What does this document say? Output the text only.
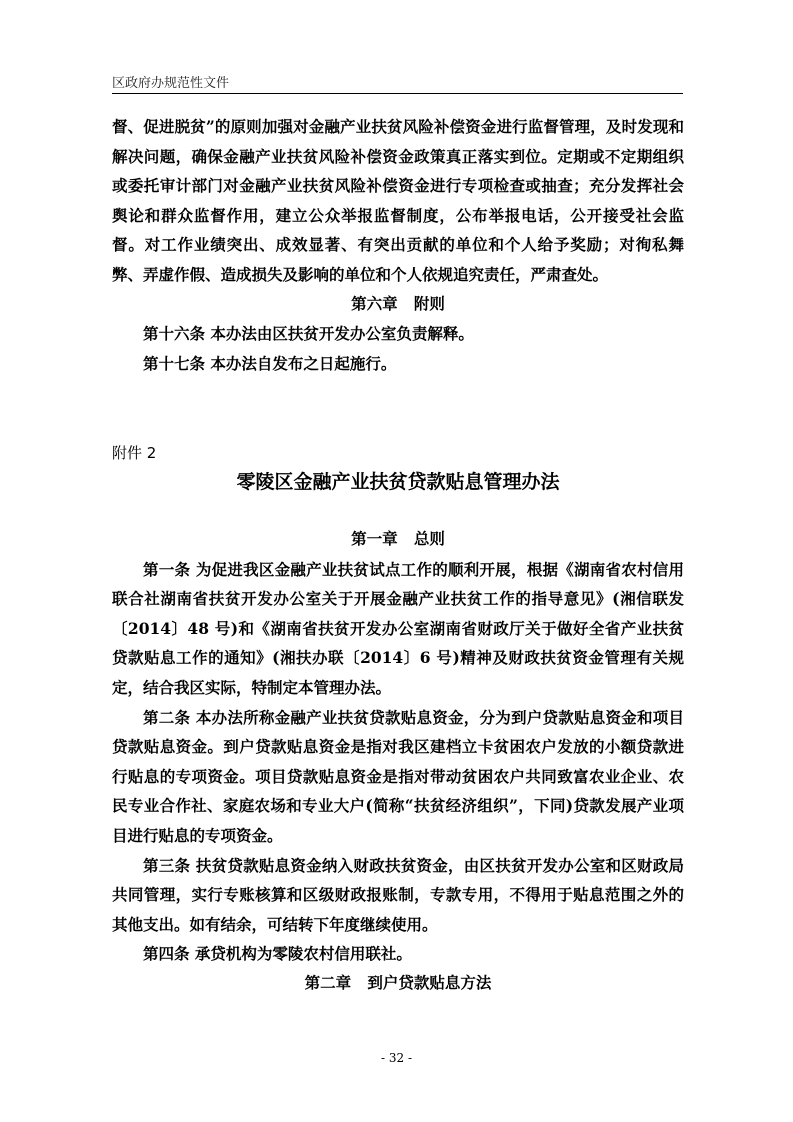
区政府办规范性文件

督、促进脱贫”的原则加强对金融产业扶贫风险补偿资金进行监督管理，及时发现和解决问题，确保金融产业扶贫风险补偿资金政策真正落实到位。定期或不定期组织或委托审计部门对金融产业扶贫风险补偿资金进行专项检查或抽查；充分发挥社会舆论和群众监督作用，建立公众举报监督制度，公布举报电话，公开接受社会监督。对工作业绩突出、成效显著、有突出贡献的单位和个人给予奖励；对徇私舞弊、弄虚作假、造成损失及影响的单位和个人依规追究责任，严肃查处。

第六章   附则

第十六条 本办法由区扶贫开发办公室负责解释。

第十七条 本办法自发布之日起施行。

附件 2
零陵区金融产业扶贫贷款贴息管理办法

第一章   总则

第一条 为促进我区金融产业扶贫试点工作的顺利开展，根据《湖南省农村信用联合社湖南省扶贫开发办公室关于开展金融产业扶贫工作的指导意见》(湘信联发〔2014〕48 号)和《湖南省扶贫开发办公室湖南省财政厅关于做好全省产业扶贫贷款贴息工作的通知》(湘扶办联〔2014〕6 号)精神及财政扶贫资金管理有关规定，结合我区实际，特制定本管理办法。

第二条 本办法所称金融产业扶贫贷款贴息资金，分为到户贷款贴息资金和项目贷款贴息资金。到户贷款贴息资金是指对我区建档立卡贫困农户发放的小额贷款进行贴息的专项资金。项目贷款贴息资金是指对带动贫困农户共同致富农业企业、农民专业合作社、家庭农场和专业大户(简称“扶贫经济组织”，下同)贷款发展产业项目进行贴息的专项资金。

第三条 扶贫贷款贴息资金纳入财政扶贫资金，由区扶贫开发办公室和区财政局共同管理，实行专账核算和区级财政报账制，专款专用，不得用于贴息范围之外的其他支出。如有结余，可结转下年度继续使用。

第四条 承贷机构为零陵农村信用联社。

第二章   到户贷款贴息方法

- 32 -
